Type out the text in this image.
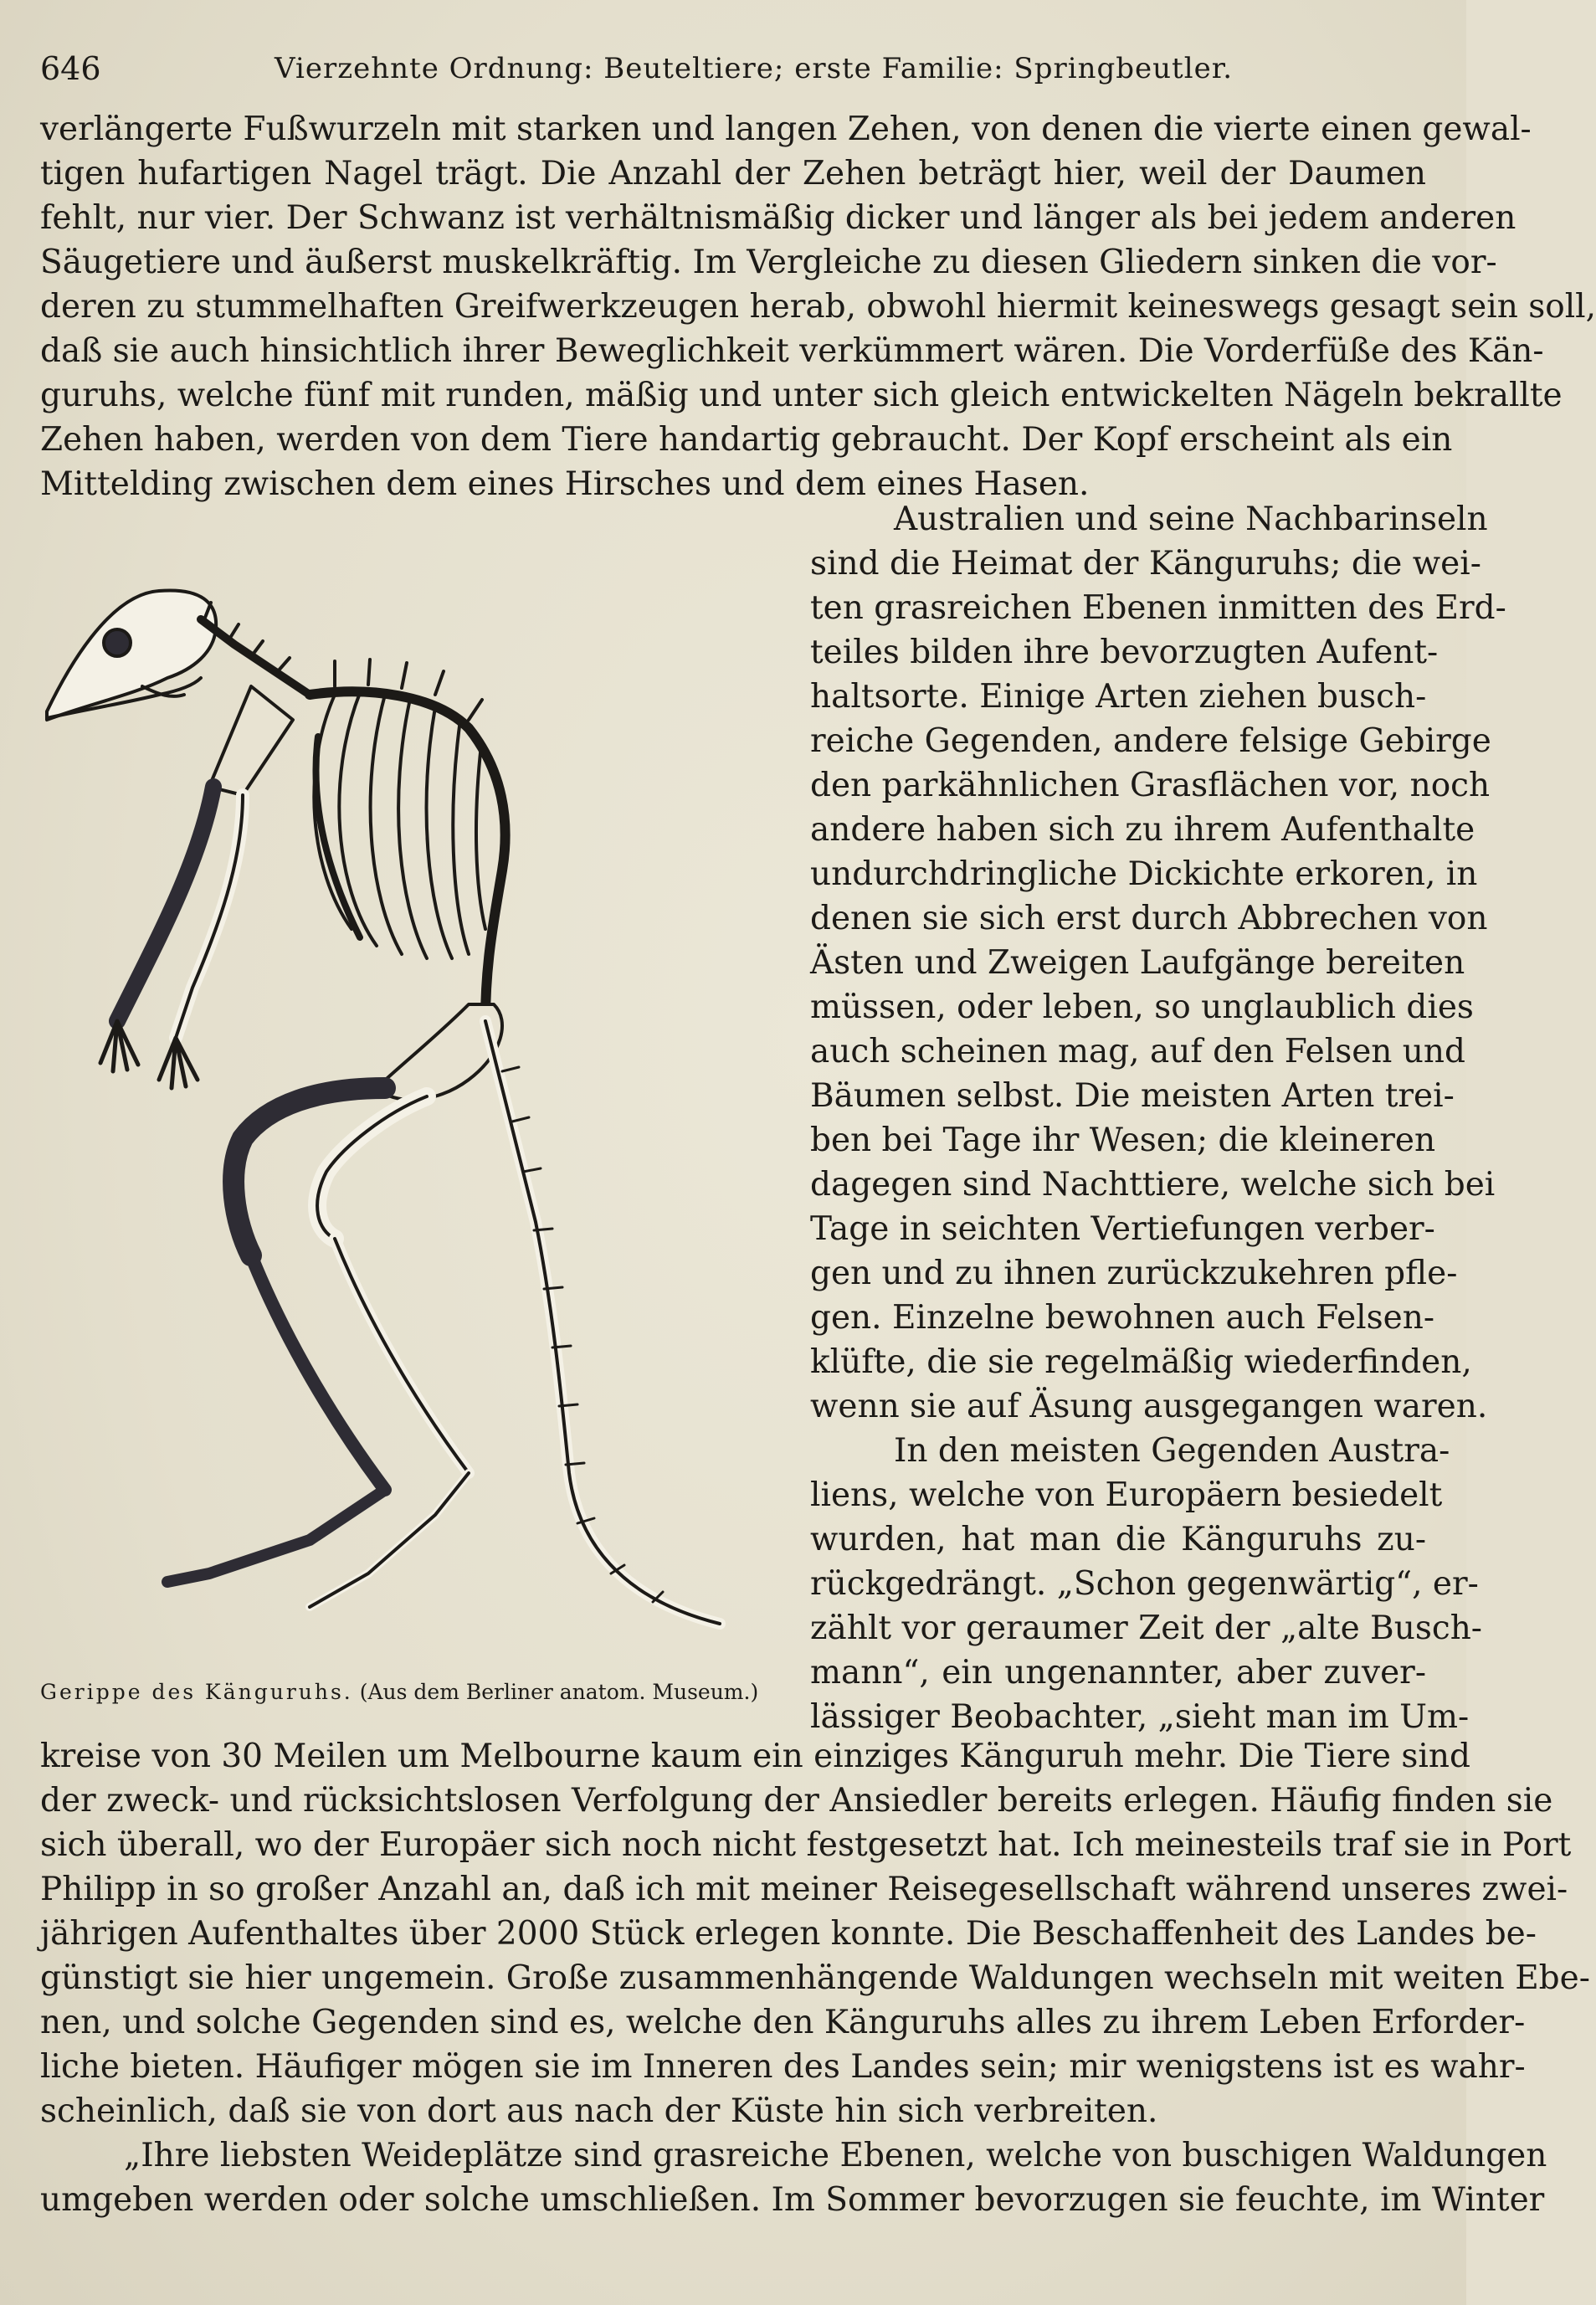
646	Vierzehnte Ordnung: Beuteltiere; erste Familie: Springbeutler.
verlängerte Fußwurzeln mit starken und langen Zehen, von denen die vierte einen gewal-
tigen hufartigen Nagel trägt. Die Anzahl der Zehen beträgt hier, weil der Daumen
fehlt, nur vier. Der Schwanz ist verhältnismäßig dicker und länger als bei jedem anderen
Säugetiere und äußerst muskelkräftig. Im Vergleiche zu diesen Gliedern sinken die vor-
deren zu stummelhaften Greifwerkzeugen herab, obwohl hiermit keineswegs gesagt sein soll,
daß sie auch hinsichtlich ihrer Beweglichkeit verkümmert wären. Die Vorderfüße des Kän-
guruhs, welche fünf mit runden, mäßig und unter sich gleich entwickelten Nägeln bekrallte
Zehen haben, werden von dem Tiere handartig gebraucht. Der Kopf erscheint als ein
Mittelding zwischen dem eines Hirsches und dem eines Hasen.
Australien und seine Nachbarinseln
sind die Heimat der Känguruhs; die wei-
ten grasreichen Ebenen inmitten des Erd-
teiles bilden ihre bevorzugten Aufent-
haltsorte. Einige Arten ziehen busch-
reiche Gegenden, andere felsige Gebirge
den parkähnlichen Grasflächen vor, noch
andere haben sich zu ihrem Aufenthalte
undurchdringliche Dickichte erkoren, in
denen sie sich erst durch Abbrechen von
Ästen und Zweigen Laufgänge bereiten
müssen, oder leben, so unglaublich dies
auch scheinen mag, auf den Felsen und
Bäumen selbst. Die meisten Arten trei-
ben bei Tage ihr Wesen; die kleineren
dagegen sind Nachttiere, welche sich bei
Tage in seichten Vertiefungen verber-
gen und zu ihnen zurückzukehren pfle-
gen. Einzelne bewohnen auch Felsen-
klüfte, die sie regelmäßig wiederfinden,
wenn sie auf Äsung ausgegangen waren.
In den meisten Gegenden Austra-
liens, welche von Europäern besiedelt
wurden, hat man die Känguruhs zu-
rückgedrängt. „Schon gegenwärtig“, er-
zählt vor geraumer Zeit der „alte Busch-
mann“, ein ungenannter, aber zuver-
lässiger Beobachter, „sieht man im Um-
Gerippe des Känguruhs. (Aus dem Berliner anatom. Museum.)
kreise von 30 Meilen um Melbourne kaum ein einziges Känguruh mehr. Die Tiere sind
der zweck- und rücksichtslosen Verfolgung der Ansiedler bereits erlegen. Häufig finden sie
sich überall, wo der Europäer sich noch nicht festgesetzt hat. Ich meinesteils traf sie in Port
Philipp in so großer Anzahl an, daß ich mit meiner Reisegesellschaft während unseres zwei-
jährigen Aufenthaltes über 2000 Stück erlegen konnte. Die Beschaffenheit des Landes be-
günstigt sie hier ungemein. Große zusammenhängende Waldungen wechseln mit weiten Ebe-
nen, und solche Gegenden sind es, welche den Känguruhs alles zu ihrem Leben Erforder-
liche bieten. Häufiger mögen sie im Inneren des Landes sein; mir wenigstens ist es wahr-
scheinlich, daß sie von dort aus nach der Küste hin sich verbreiten.
„Ihre liebsten Weideplätze sind grasreiche Ebenen, welche von buschigen Waldungen
umgeben werden oder solche umschließen. Im Sommer bevorzugen sie feuchte, im Winter
